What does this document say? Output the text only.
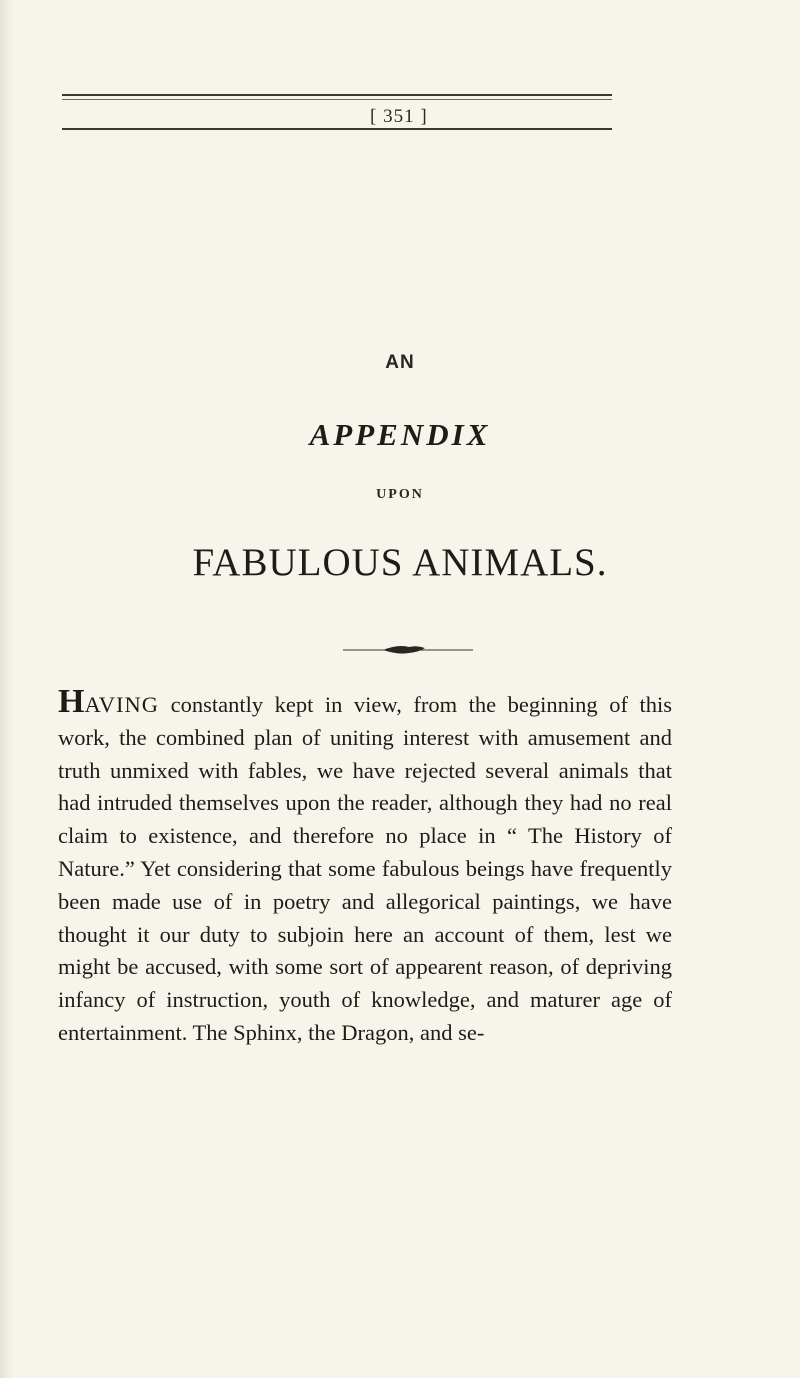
[ 351 ]
AN
APPENDIX
UPON
FABULOUS ANIMALS.

HAVING constantly kept in view, from the beginning of this work, the combined plan of uniting interest with amusement and truth unmixed with fables, we have rejected several animals that had intruded themselves upon the reader, although they had no real claim to existence, and therefore no place in “ The History of Nature.” Yet considering that some fabulous beings have frequently been made use of in poetry and allegorical paintings, we have thought it our duty to subjoin here an account of them, lest we might be accused, with some sort of appearent reason, of depriving infancy of instruction, youth of knowledge, and maturer age of entertainment. The Sphinx, the Dragon, and se-
